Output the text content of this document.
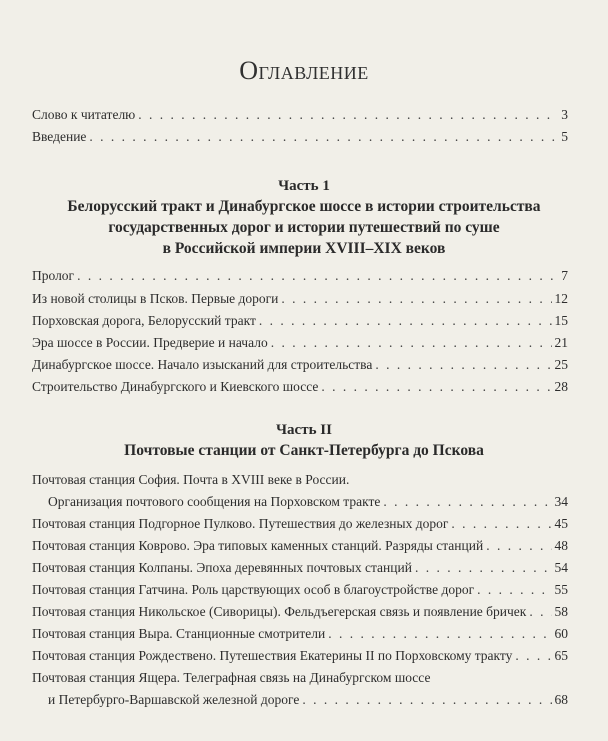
Оглавление
Слово к читателю . . .	3
Введение . . .	5
Часть 1
Белорусский тракт и Динабургское шоссе в истории строительства
государственных дорог и истории путешествий по суше
в Российской империи XVIII–XIX веков
Пролог . . .	7
Из новой столицы в Псков. Первые дороги . . .	12
Порховская дорога, Белорусский тракт . . .	15
Эра шоссе в России. Предверие и начало . . .	21
Динабургское шоссе. Начало изысканий для строительства . . .	25
Строительство Динабургского и Киевского шоссе . . .	28
Часть II
Почтовые станции от Санкт-Петербурга до Пскова
Почтовая станция София. Почта в XVIII веке в России.
Организация почтового сообщения на Порховском тракте . . .	34
Почтовая станция Подгорное Пулково. Путешествия до железных дорог . . .	45
Почтовая станция Коврово. Эра типовых каменных станций. Разряды станций . . .	48
Почтовая станция Колпаны. Эпоха деревянных почтовых станций . . .	54
Почтовая станция Гатчина. Роль царствующих особ в благоустройстве дорог . . .	55
Почтовая станция Никольское (Сиворицы). Фельдъегерская связь и появление бричек . . . 58
Почтовая станция Выра. Станционные смотрители . . .	60
Почтовая станция Рождествено. Путешествия Екатерины II по Порховскому тракту . . .	65
Почтовая станция Ящера. Телеграфная связь на Динабургском шоссе
и Петербурго-Варшавской железной дороге . . .	68
